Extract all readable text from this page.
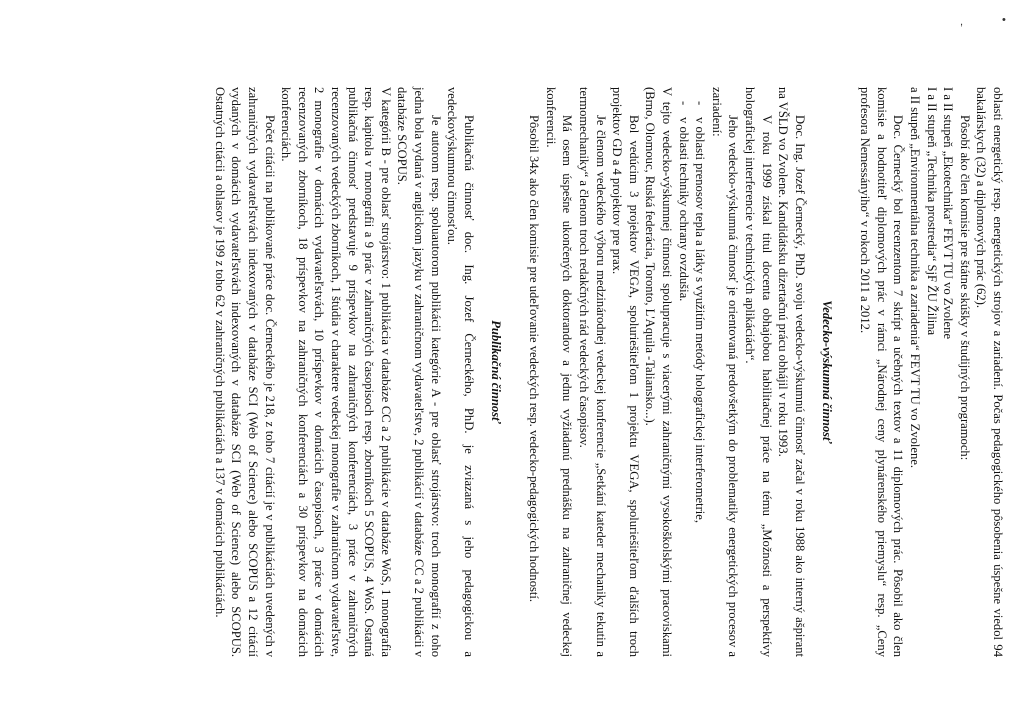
,	•

oblasti energetický resp. energetických strojov a zariadení. Počas pedagogického pôsobenia úspešne viedol 94 bakalárskych (32) a diplomových prác (62).

Pôsobí ako člen komisie pre štátne skúšky v študijných programoch:

I a II stupeň „Ekotechnika“ FEVT TU vo Zvolene

I a II stupeň „Technika prostredia“ SjF ŽU Žilina

a II stupeň „Environmentálna technika a zariadenia“ FEVT TU vo Zvolene.

Doc. Černecký bol recenzentom 7 skrípt a učebných textov a 11 diplomových prác. Pôsobil ako člen komisie a hodnotiteľ diplomových prác v rámci „Národnej ceny plynárenského priemyslu“ resp. „Ceny profesora Nemessányiho“ v rokoch 2011 a 2012.

Vedecko-výskumná činnosť

Doc. Ing. Jozef Černecký, PhD. svoju vedecko-výskumnú činnosť začal v roku 1988 ako interný ašpirant na VŠLD vo Zvolene. Kandidátsku dizertačnú prácu obhájil v roku 1993.

V roku 1999 získal titul docenta obhajobou habilitačnej práce na tému „Možnosti a perspektívy holografickej interferencie v technických aplikáciách“.

Jeho vedecko-výskumná činnosť je orientovaná predovšetkým do problematiky energetických procesov a zariadení:

- v oblasti prenosov tepla a látky s využitím metódy holografickej interferometrie,
- v oblasti techniky ochrany ovzdušia.

V tejto vedecko-výskumnej činnosti spolupracuje s viacerými zahraničnými vysokoškolskými pracoviskami (Brno, Olomouc, Ruská federácia, Toronto, L'Aquila -Taliansko...).

Bol vedúcim 3 projektov VEGA, spoluriešiteľom 1 projektu VEGA, spoluriešiteľom ďalších troch projektov GD a 4 projektov pre prax.

Je členom vedeckého výboru medzinárodnej vedeckej konferencie „Setkání kateder mechaniky tekutin a termomechaniky“ a členom troch redakčných rád vedeckých časopisov.

Má osem úspešne ukončených doktorandov a jednu vyžiadanú prednášku na zahraničnej vedeckej konferencii.

Pôsobil 34x ako člen komisie pre udeľovanie vedeckých resp. vedecko-pedagogických hodností.

Publikačná činnosť

Publikačná činnosť doc. Ing. Jozef Černeckého, PhD. je zviazaná s jeho pedagogickou a vedeckovýskumnou činnosťou.

Je autorom resp. spoluautorom publikácii kategórie A - pre oblasť strojárstvo: troch monografií z toho jedna bola vydaná v anglickom jazyku v zahraničnom vydavateľstve, 2 publikácií v databáze CC a 2 publikácii v databáze SCOPUS.

V kategórii B - pre oblasť strojárstvo: 1 publikácia v databáze CC a 2 publikácie v databáze WoS, 1 monografia resp. kapitola v monografii a 9 prác v zahraničných časopisoch resp. zborníkoch 5 SCOPUS, 4 WoS. Ostatná publikačná činnosť predstavuje 9 príspevkov na zahraničných konferenciách, 3 práce v zahraničných recenzovaných vedeckých zborníkoch, 1 štúdia v charaktere vedeckej monografie v zahraničnom vydavateľstve, 2 monografie v domácich vydavateľstvách, 10 príspevkov v domácich časopisoch, 3 práce v domácich recenzovaných zborníkoch, 18 príspevkov na zahraničných konferenciách a 30 príspevkov na domácich konferenciách.

Počet citácii na publikované práce doc. Černeckého je 218, z toho 7 citácií je v publikáciách uvedených v zahraničných vydavateľstvách indexovaných v databáze SCI (Web of Science) alebo SCOPUS a 12 citácií vydaných v domácich vydavateľstvách indexovaných v databáze SCI (Web of Science) alebo SCOPUS. Ostatných citácii a ohlasov je 199 z toho 62 v zahraničných publikáciách a 137 v domácich publikáciách.
